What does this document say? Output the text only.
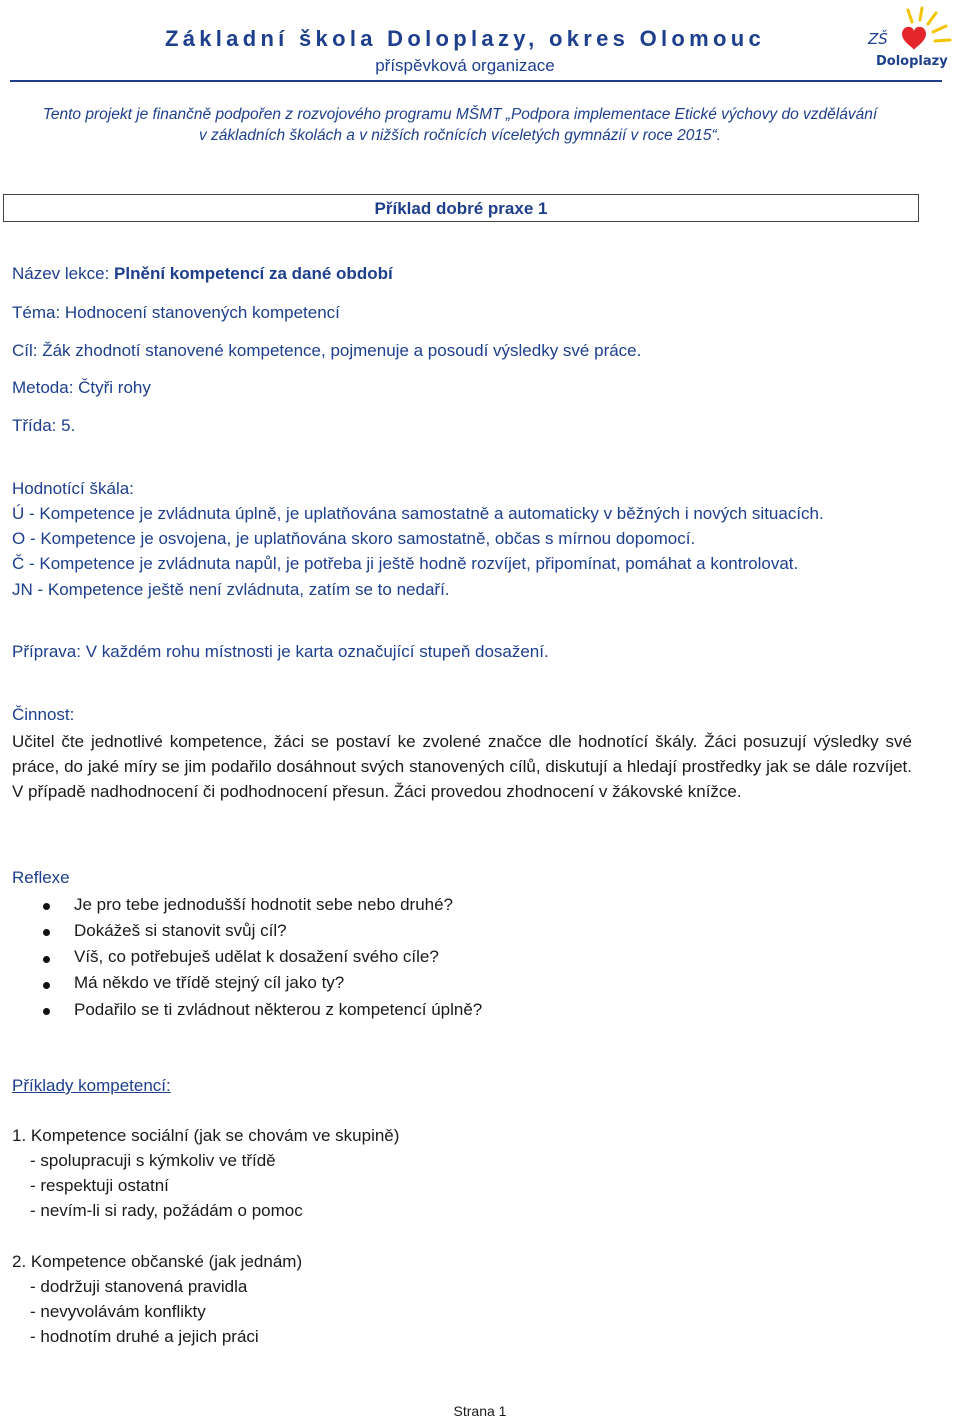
Základní škola Doloplazy, okres Olomouc
příspěvková organizace
ZŠ
Doloplazy
Tento projekt je finančně podpořen z rozvojového programu MŠMT „Podpora implementace Etické výchovy do vzdělávání
v základních školách a v nižších ročnících víceletých gymnázií v roce 2015“.
Příklad dobré praxe 1
Název lekce: Plnění kompetencí za dané období
Téma: Hodnocení stanovených kompetencí
Cíl: Žák zhodnotí stanovené kompetence, pojmenuje a posoudí výsledky své práce.
Metoda: Čtyři rohy
Třída: 5.
Hodnotící škála:
Ú - Kompetence je zvládnuta úplně, je uplatňována samostatně a automaticky v běžných i nových situacích.
O - Kompetence je osvojena, je uplatňována skoro samostatně, občas s mírnou dopomocí.
Č - Kompetence je zvládnuta napůl, je potřeba ji ještě hodně rozvíjet, připomínat, pomáhat a kontrolovat.
JN - Kompetence ještě není zvládnuta, zatím se to nedaří.
Příprava: V každém rohu místnosti je karta označující stupeň dosažení.
Činnost:
Učitel čte jednotlivé kompetence, žáci se postaví ke zvolené značce dle hodnotící škály. Žáci posuzují výsledky své práce, do jaké míry se jim podařilo dosáhnout svých stanovených cílů, diskutují a hledají prostředky jak se dále rozvíjet. V případě nadhodnocení či podhodnocení přesun. Žáci provedou zhodnocení v žákovské knížce.
Reflexe
Je pro tebe jednodušší hodnotit sebe nebo druhé?
Dokážeš si stanovit svůj cíl?
Víš, co potřebuješ udělat k dosažení svého cíle?
Má někdo ve třídě stejný cíl jako ty?
Podařilo se ti zvládnout některou z kompetencí úplně?
Příklady kompetencí:
1. Kompetence sociální (jak se chovám ve skupině)
- spolupracuji s kýmkoliv ve třídě
- respektuji ostatní
- nevím-li si rady, požádám o pomoc
2. Kompetence občanské (jak jednám)
- dodržuji stanovená pravidla
- nevyvolávám konflikty
- hodnotím druhé a jejich práci
Strana 1
